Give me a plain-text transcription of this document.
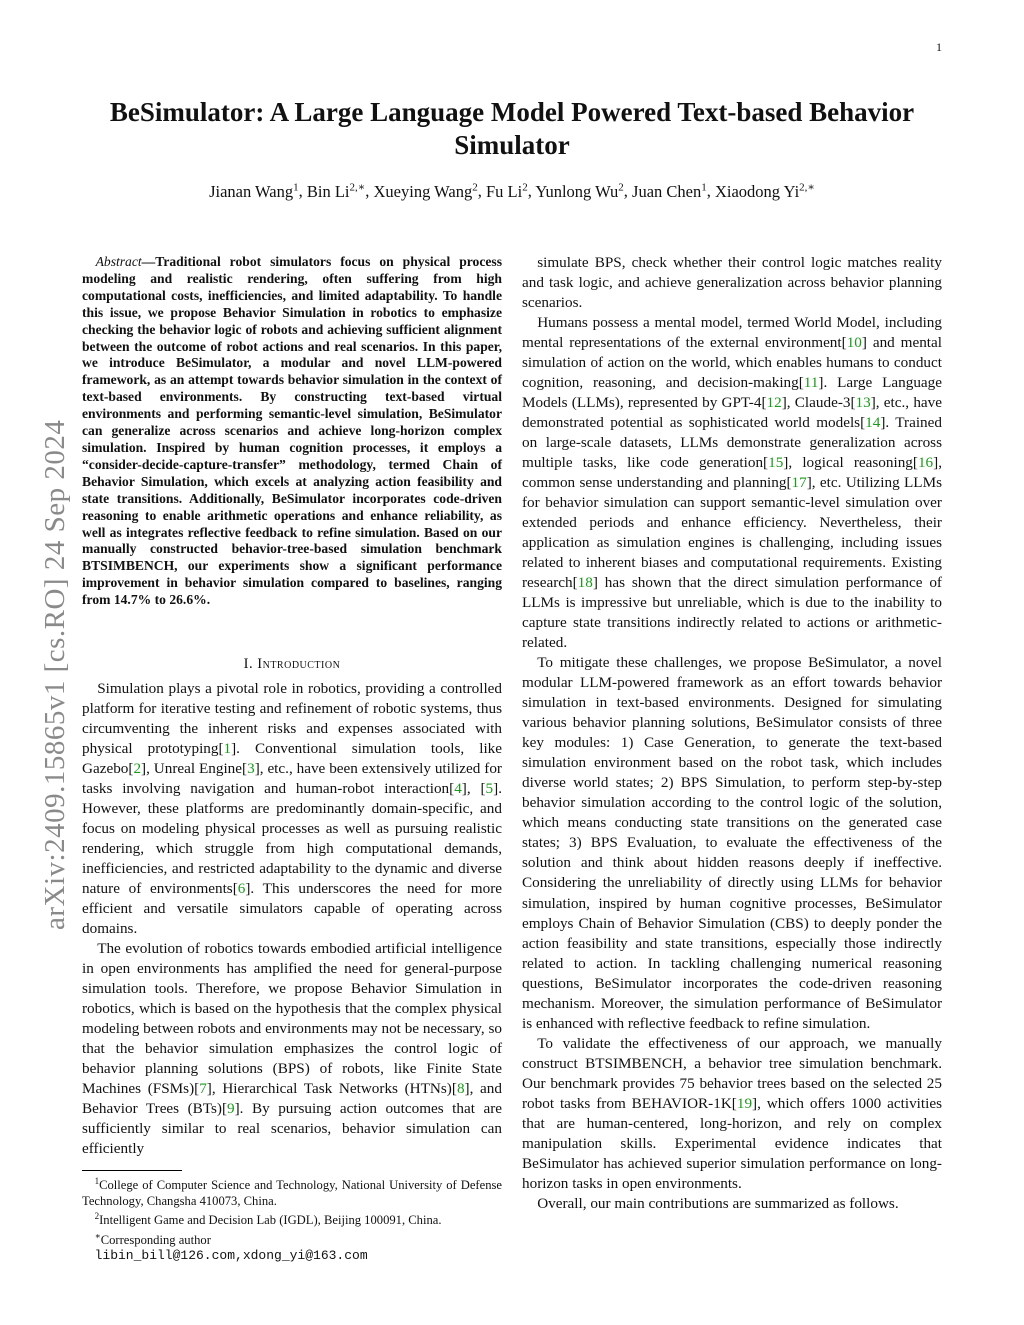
1
BeSimulator: A Large Language Model Powered Text-based Behavior Simulator
Jianan Wang$^1$, Bin $Li^{2,∗}$, Xueying Wang$^2$, Fu Li$^2$, Yunlong Wu$^2$, Juan Chen$^1$, Xiaodong $Yi^{2,∗}$
arXiv:2409.15865v1 [cs.RO] 24 Sep 2024
Abstract—Traditional robot simulators focus on physical process modeling and realistic rendering, often suffering from high computational costs, inefficiencies, and limited adaptability. To handle this issue, we propose Behavior Simulation in robotics to emphasize checking the behavior logic of robots and achieving sufficient alignment between the outcome of robot actions and real scenarios. In this paper, we introduce BeSimulator, a modular and novel LLM-powered framework, as an attempt towards behavior simulation in the context of text-based environments. By constructing text-based virtual environments and performing semantic-level simulation, BeSimulator can generalize across scenarios and achieve long-horizon complex simulation. Inspired by human cognition processes, it employs a “consider-decide-capture-transfer” methodology, termed Chain of Behavior Simulation, which excels at analyzing action feasibility and state transitions. Additionally, BeSimulator incorporates code-driven reasoning to enable arithmetic operations and enhance reliability, as well as integrates reflective feedback to refine simulation. Based on our manually constructed behavior-tree-based simulation benchmark BTSIMBENCH, our experiments show a significant performance improvement in behavior simulation compared to baselines, ranging from 14.7% to 26.6%.
I. Introduction

Simulation plays a pivotal role in robotics, providing a controlled platform for iterative testing and refinement of robotic systems, thus circumventing the inherent risks and expenses associated with physical prototyping[1]. Conventional simulation tools, like Gazebo[2], Unreal Engine[3], etc., have been extensively utilized for tasks involving navigation and human-robot interaction[4], [5]. However, these platforms are predominantly domain-specific, and focus on modeling physical processes as well as pursuing realistic rendering, which struggle from high computational demands, inefficiencies, and restricted adaptability to the dynamic and diverse nature of environments[6]. This underscores the need for more efficient and versatile simulators capable of operating across domains.

The evolution of robotics towards embodied artificial intelligence in open environments has amplified the need for general-purpose simulation tools. Therefore, we propose Behavior Simulation in robotics, which is based on the hypothesis that the complex physical modeling between robots and environments may not be necessary, so that the behavior simulation emphasizes the control logic of behavior planning solutions (BPS) of robots, like Finite State Machines (FSMs)[7], Hierarchical Task Networks (HTNs)[8], and Behavior Trees (BTs)[9]. By pursuing action outcomes that are sufficiently similar to real scenarios, behavior simulation can efficiently

simulate BPS, check whether their control logic matches reality and task logic, and achieve generalization across behavior planning scenarios.

Humans possess a mental model, termed World Model, including mental representations of the external environment[10] and mental simulation of action on the world, which enables humans to conduct cognition, reasoning, and decision-making[11]. Large Language Models (LLMs), represented by GPT-4[12], Claude-3[13], etc., have demonstrated potential as sophisticated world models[14]. Trained on large-scale datasets, LLMs demonstrate generalization across multiple tasks, like code generation[15], logical reasoning[16], common sense understanding and planning[17], etc. Utilizing LLMs for behavior simulation can support semantic-level simulation over extended periods and enhance efficiency. Nevertheless, their application as simulation engines is challenging, including issues related to inherent biases and computational requirements. Existing research[18] has shown that the direct simulation performance of LLMs is impressive but unreliable, which is due to the inability to capture state transitions indirectly related to actions or arithmetic-related.

To mitigate these challenges, we propose BeSimulator, a novel modular LLM-powered framework as an effort towards behavior simulation in text-based environments. Designed for simulating various behavior planning solutions, BeSimulator consists of three key modules: 1) Case Generation, to generate the text-based simulation environment based on the robot task, which includes diverse world states; 2) BPS Simulation, to perform step-by-step behavior simulation according to the control logic of the solution, which means conducting state transitions on the generated case states; 3) BPS Evaluation, to evaluate the effectiveness of the solution and think about hidden reasons deeply if ineffective. Considering the unreliability of directly using LLMs for behavior simulation, inspired by human cognitive processes, BeSimulator employs Chain of Behavior Simulation (CBS) to deeply ponder the action feasibility and state transitions, especially those indirectly related to action. In tackling challenging numerical reasoning questions, BeSimulator incorporates the code-driven reasoning mechanism. Moreover, the simulation performance of BeSimulator is enhanced with reflective feedback to refine simulation.

To validate the effectiveness of our approach, we manually construct BTSIMBENCH, a behavior tree simulation benchmark. Our benchmark provides 75 behavior trees based on the selected 25 robot tasks from BEHAVIOR-1K[19], which offers 1000 activities that are human-centered, long-horizon, and rely on complex manipulation skills. Experimental evidence indicates that BeSimulator has achieved superior simulation performance on long-horizon tasks in open environments.

Overall, our main contributions are summarized as follows.

$^1$College of Computer Science and Technology, National University of Defense Technology, Changsha 410073, China.
$^2$Intelligent Game and Decision Lab (IGDL), Beijing 100091, China.
∗Corresponding author
libin_bill@126.com,xdong_yi@163.com
